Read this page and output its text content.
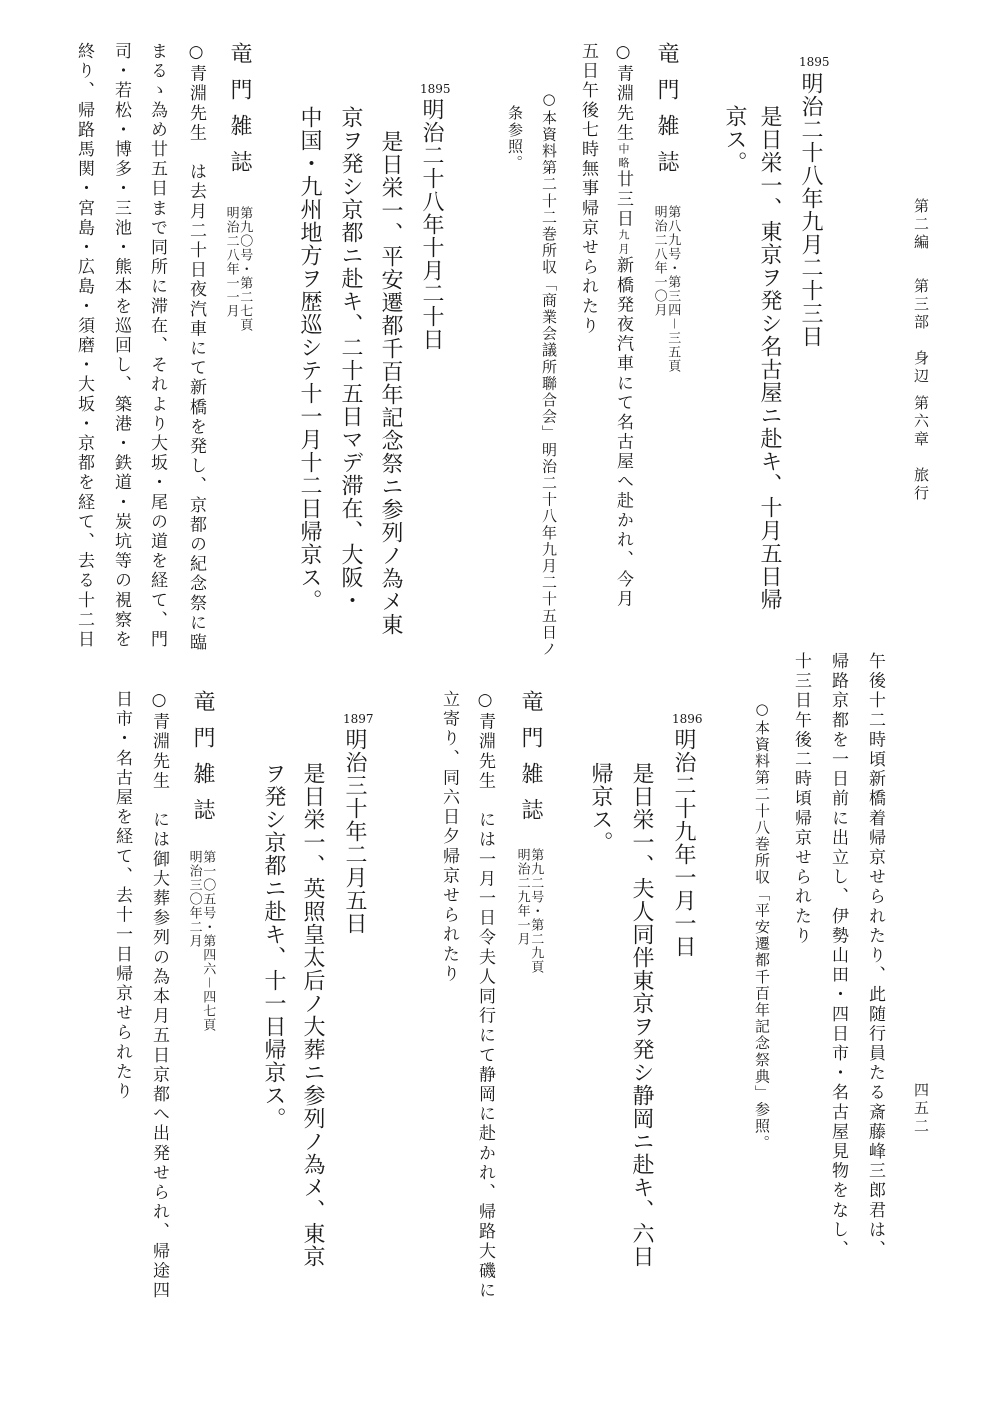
第二編
第三部　身辺
第六章　旅行
四五二
1895
明治二十八年九月二十三日
是日栄一、東京ヲ発シ名古屋ニ赴キ、十月五日帰
京ス。
竜門雑誌
第八九号・第三四－三五頁
明治二八年一〇月
○青淵先生中略廿三日九月新橋発夜汽車にて名古屋へ赴かれ、今月
五日午後七時無事帰京せられたり
○本資料第二十二巻所収「商業会議所聯合会」明治二十八年九月二十五日ノ
条参照。
1895
明治二十八年十月二十日
是日栄一、平安遷都千百年記念祭ニ参列ノ為メ東
京ヲ発シ京都ニ赴キ、二十五日マデ滞在、大阪・
中国・九州地方ヲ歴巡シテ十一月十二日帰京ス。
竜門雑誌
第九〇号・第二七頁
明治二八年一一月
○青淵先生　は去月二十日夜汽車にて新橋を発し、京都の紀念祭に臨
まるゝ為め廿五日まで同所に滞在、それより大坂・尾の道を経て、門
司・若松・博多・三池・熊本を巡回し、築港・鉄道・炭坑等の視察を
終り、帰路馬関・宮島・広島・須磨・大坂・京都を経て、去る十二日
午後十二時頃新橋着帰京せられたり、此随行員たる斎藤峰三郎君は、
帰路京都を一日前に出立し、伊勢山田・四日市・名古屋見物をなし、
十三日午後二時頃帰京せられたり
○本資料第二十八巻所収「平安遷都千百年記念祭典」参照。
1896
明治二十九年一月一日
是日栄一、夫人同伴東京ヲ発シ静岡ニ赴キ、六日
帰京ス。
竜門雑誌
第九二号・第二九頁
明治二九年一月
○青淵先生　には一月一日令夫人同行にて静岡に赴かれ、帰路大磯に
立寄り、同六日夕帰京せられたり
1897
明治三十年二月五日
是日栄一、英照皇太后ノ大葬ニ参列ノ為メ、東京
ヲ発シ京都ニ赴キ、十一日帰京ス。
竜門雑誌
第一〇五号・第四六－四七頁
明治三〇年二月
○青淵先生　には御大葬参列の為本月五日京都へ出発せられ、帰途四
日市・名古屋を経て、去十一日帰京せられたり
